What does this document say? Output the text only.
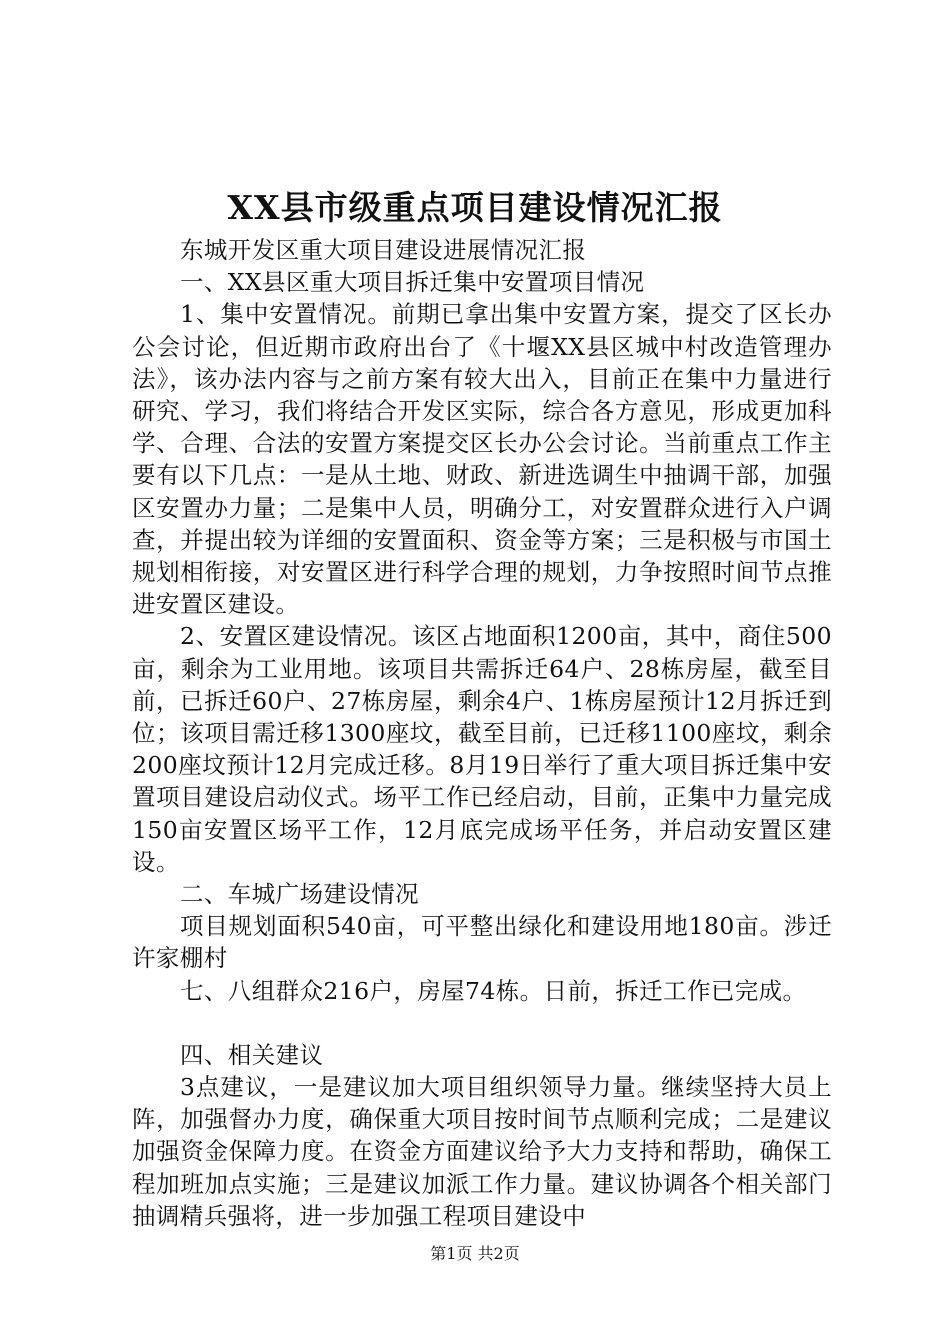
XX县市级重点项目建设情况汇报

东城开发区重大项目建设进展情况汇报

一、XX县区重大项目拆迁集中安置项目情况

1、集中安置情况。前期已拿出集中安置方案，提交了区长办公会讨论，但近期市政府出台了《十堰XX县区城中村改造管理办法》，该办法内容与之前方案有较大出入，目前正在集中力量进行研究、学习，我们将结合开发区实际，综合各方意见，形成更加科学、合理、合法的安置方案提交区长办公会讨论。当前重点工作主要有以下几点：一是从土地、财政、新进选调生中抽调干部，加强区安置办力量；二是集中人员，明确分工，对安置群众进行入户调查，并提出较为详细的安置面积、资金等方案；三是积极与市国土规划相衔接，对安置区进行科学合理的规划，力争按照时间节点推进安置区建设。

2、安置区建设情况。该区占地面积1200亩，其中，商住500亩，剩余为工业用地。该项目共需拆迁64户、28栋房屋，截至目前，已拆迁60户、27栋房屋，剩余4户、1栋房屋预计12月拆迁到位；该项目需迁移1300座坟，截至目前，已迁移1100座坟，剩余200座坟预计12月完成迁移。8月19日举行了重大项目拆迁集中安置项目建设启动仪式。场平工作已经启动，目前，正集中力量完成150亩安置区场平工作，12月底完成场平任务，并启动安置区建设。

二、车城广场建设情况

项目规划面积540亩，可平整出绿化和建设用地180亩。涉迁许家棚村

七、八组群众216户，房屋74栋。日前，拆迁工作已完成。

四、相关建议

3点建议，一是建议加大项目组织领导力量。继续坚持大员上阵，加强督办力度，确保重大项目按时间节点顺利完成；二是建议加强资金保障力度。在资金方面建议给予大力支持和帮助，确保工程加班加点实施；三是建议加派工作力量。建议协调各个相关部门抽调精兵强将，进一步加强工程项目建设中

第1页 共2页
